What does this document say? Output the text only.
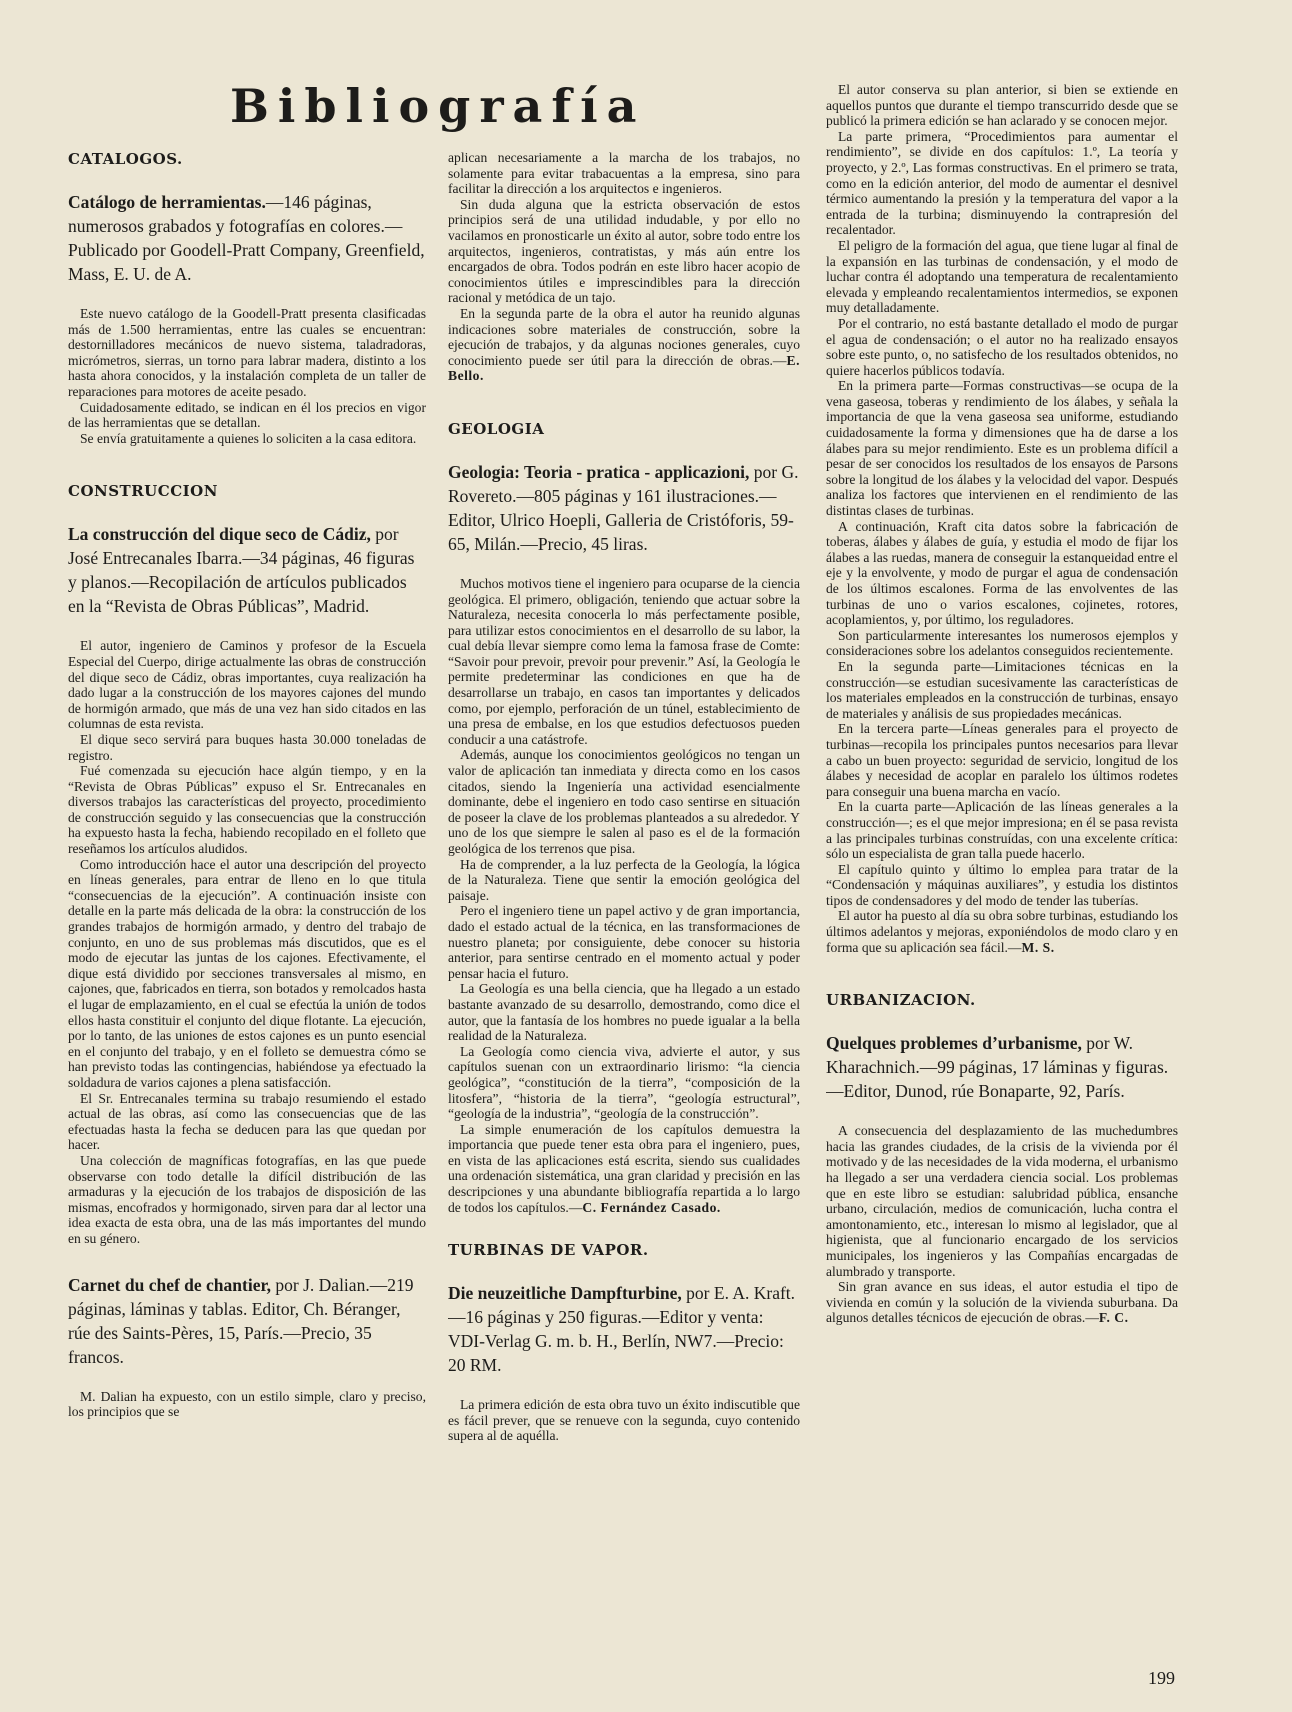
Bibliografía
CATALOGOS.
Catálogo de herramientas.—146 páginas, numerosos grabados y fotografías en colores.—Publicado por Goodell-Pratt Company, Greenfield, Mass, E. U. de A.

Este nuevo catálogo de la Goodell-Pratt presenta clasificadas más de 1.500 herramientas, entre las cuales se encuentran: destornilladores mecánicos de nuevo sistema, taladradoras, micrómetros, sierras, un torno para labrar madera, distinto a los hasta ahora conocidos, y la instalación completa de un taller de reparaciones para motores de aceite pesado.

Cuidadosamente editado, se indican en él los precios en vigor de las herramientas que se detallan.

Se envía gratuitamente a quienes lo soliciten a la casa editora.

CONSTRUCCION
La construcción del dique seco de Cádiz, por José Entrecanales Ibarra.—34 páginas, 46 figuras y planos.—Recopilación de artículos publicados en la “Revista de Obras Públicas”, Madrid.

El autor, ingeniero de Caminos y profesor de la Escuela Especial del Cuerpo, dirige actualmente las obras de construcción del dique seco de Cádiz, obras importantes, cuya realización ha dado lugar a la construcción de los mayores cajones del mundo de hormigón armado, que más de una vez han sido citados en las columnas de esta revista.

El dique seco servirá para buques hasta 30.000 toneladas de registro.

Fué comenzada su ejecución hace algún tiempo, y en la “Revista de Obras Públicas” expuso el Sr. Entrecanales en diversos trabajos las características del proyecto, procedimiento de construcción seguido y las consecuencias que la construcción ha expuesto hasta la fecha, habiendo recopilado en el folleto que reseñamos los artículos aludidos.

Como introducción hace el autor una descripción del proyecto en líneas generales, para entrar de lleno en lo que titula “consecuencias de la ejecución”. A continuación insiste con detalle en la parte más delicada de la obra: la construcción de los grandes trabajos de hormigón armado, y dentro del trabajo de conjunto, en uno de sus problemas más discutidos, que es el modo de ejecutar las juntas de los cajones. Efectivamente, el dique está dividido por secciones transversales al mismo, en cajones, que, fabricados en tierra, son botados y remolcados hasta el lugar de emplazamiento, en el cual se efectúa la unión de todos ellos hasta constituir el conjunto del dique flotante. La ejecución, por lo tanto, de las uniones de estos cajones es un punto esencial en el conjunto del trabajo, y en el folleto se demuestra cómo se han previsto todas las contingencias, habiéndose ya efectuado la soldadura de varios cajones a plena satisfacción.

El Sr. Entrecanales termina su trabajo resumiendo el estado actual de las obras, así como las consecuencias que de las efectuadas hasta la fecha se deducen para las que quedan por hacer.

Una colección de magníficas fotografías, en las que puede observarse con todo detalle la difícil distribución de las armaduras y la ejecución de los trabajos de disposición de las mismas, encofrados y hormigonado, sirven para dar al lector una idea exacta de esta obra, una de las más importantes del mundo en su género.

Carnet du chef de chantier, por J. Dalian.—219 páginas, láminas y tablas. Editor, Ch. Béranger, rúe des Saints-Pères, 15, París.—Precio, 35 francos.

M. Dalian ha expuesto, con un estilo simple, claro y preciso, los principios que se

aplican necesariamente a la marcha de los trabajos, no solamente para evitar trabacuentas a la empresa, sino para facilitar la dirección a los arquitectos e ingenieros.

Sin duda alguna que la estricta observación de estos principios será de una utilidad indudable, y por ello no vacilamos en pronosticarle un éxito al autor, sobre todo entre los arquitectos, ingenieros, contratistas, y más aún entre los encargados de obra. Todos podrán en este libro hacer acopio de conocimientos útiles e imprescindibles para la dirección racional y metódica de un tajo.

En la segunda parte de la obra el autor ha reunido algunas indicaciones sobre materiales de construcción, sobre la ejecución de trabajos, y da algunas nociones generales, cuyo conocimiento puede ser útil para la dirección de obras.—E. Bello.

GEOLOGIA
Geologia: Teoria - pratica - applicazioni, por G. Rovereto.—805 páginas y 161 ilustraciones.—Editor, Ulrico Hoepli, Galleria de Cristóforis, 59-65, Milán.—Precio, 45 liras.

Muchos motivos tiene el ingeniero para ocuparse de la ciencia geológica. El primero, obligación, teniendo que actuar sobre la Naturaleza, necesita conocerla lo más perfectamente posible, para utilizar estos conocimientos en el desarrollo de su labor, la cual debía llevar siempre como lema la famosa frase de Comte: “Savoir pour prevoir, prevoir pour prevenir.” Así, la Geología le permite predeterminar las condiciones en que ha de desarrollarse un trabajo, en casos tan importantes y delicados como, por ejemplo, perforación de un túnel, establecimiento de una presa de embalse, en los que estudios defectuosos pueden conducir a una catástrofe.

Además, aunque los conocimientos geológicos no tengan un valor de aplicación tan inmediata y directa como en los casos citados, siendo la Ingeniería una actividad esencialmente dominante, debe el ingeniero en todo caso sentirse en situación de poseer la clave de los problemas planteados a su alrededor. Y uno de los que siempre le salen al paso es el de la formación geológica de los terrenos que pisa.

Ha de comprender, a la luz perfecta de la Geología, la lógica de la Naturaleza. Tiene que sentir la emoción geológica del paisaje.

Pero el ingeniero tiene un papel activo y de gran importancia, dado el estado actual de la técnica, en las transformaciones de nuestro planeta; por consiguiente, debe conocer su historia anterior, para sentirse centrado en el momento actual y poder pensar hacia el futuro.

La Geología es una bella ciencia, que ha llegado a un estado bastante avanzado de su desarrollo, demostrando, como dice el autor, que la fantasía de los hombres no puede igualar a la bella realidad de la Naturaleza.

La Geología como ciencia viva, advierte el autor, y sus capítulos suenan con un extraordinario lirismo: “la ciencia geológica”, “constitución de la tierra”, “composición de la litosfera”, “historia de la tierra”, “geología estructural”, “geología de la industria”, “geología de la construcción”.

La simple enumeración de los capítulos demuestra la importancia que puede tener esta obra para el ingeniero, pues, en vista de las aplicaciones está escrita, siendo sus cualidades una ordenación sistemática, una gran claridad y precisión en las descripciones y una abundante bibliografía repartida a lo largo de todos los capítulos.—C. Fernández Casado.

TURBINAS DE VAPOR.
Die neuzeitliche Dampfturbine, por E. A. Kraft.—16 páginas y 250 figuras.—Editor y venta: VDI-Verlag G. m. b. H., Berlín, NW7.—Precio: 20 RM.

La primera edición de esta obra tuvo un éxito indiscutible que es fácil prever, que se renueve con la segunda, cuyo contenido supera al de aquélla.

El autor conserva su plan anterior, si bien se extiende en aquellos puntos que durante el tiempo transcurrido desde que se publicó la primera edición se han aclarado y se conocen mejor.

La parte primera, “Procedimientos para aumentar el rendimiento”, se divide en dos capítulos: 1.º, La teoría y proyecto, y 2.º, Las formas constructivas. En el primero se trata, como en la edición anterior, del modo de aumentar el desnivel térmico aumentando la presión y la temperatura del vapor a la entrada de la turbina; disminuyendo la contrapresión del recalentador.

El peligro de la formación del agua, que tiene lugar al final de la expansión en las turbinas de condensación, y el modo de luchar contra él adoptando una temperatura de recalentamiento elevada y empleando recalentamientos intermedios, se exponen muy detalladamente.

Por el contrario, no está bastante detallado el modo de purgar el agua de condensación; o el autor no ha realizado ensayos sobre este punto, o, no satisfecho de los resultados obtenidos, no quiere hacerlos públicos todavía.

En la primera parte—Formas constructivas—se ocupa de la vena gaseosa, toberas y rendimiento de los álabes, y señala la importancia de que la vena gaseosa sea uniforme, estudiando cuidadosamente la forma y dimensiones que ha de darse a los álabes para su mejor rendimiento. Este es un problema difícil a pesar de ser conocidos los resultados de los ensayos de Parsons sobre la longitud de los álabes y la velocidad del vapor. Después analiza los factores que intervienen en el rendimiento de las distintas clases de turbinas.

A continuación, Kraft cita datos sobre la fabricación de toberas, álabes y álabes de guía, y estudia el modo de fijar los álabes a las ruedas, manera de conseguir la estanqueidad entre el eje y la envolvente, y modo de purgar el agua de condensación de los últimos escalones. Forma de las envolventes de las turbinas de uno o varios escalones, cojinetes, rotores, acoplamientos, y, por último, los reguladores.

Son particularmente interesantes los numerosos ejemplos y consideraciones sobre los adelantos conseguidos recientemente.

En la segunda parte—Limitaciones técnicas en la construcción—se estudian sucesivamente las características de los materiales empleados en la construcción de turbinas, ensayo de materiales y análisis de sus propiedades mecánicas.

En la tercera parte—Líneas generales para el proyecto de turbinas—recopila los principales puntos necesarios para llevar a cabo un buen proyecto: seguridad de servicio, longitud de los álabes y necesidad de acoplar en paralelo los últimos rodetes para conseguir una buena marcha en vacío.

En la cuarta parte—Aplicación de las líneas generales a la construcción—; es el que mejor impresiona; en él se pasa revista a las principales turbinas construídas, con una excelente crítica: sólo un especialista de gran talla puede hacerlo.

El capítulo quinto y último lo emplea para tratar de la “Condensación y máquinas auxiliares”, y estudia los distintos tipos de condensadores y del modo de tender las tuberías.

El autor ha puesto al día su obra sobre turbinas, estudiando los últimos adelantos y mejoras, exponiéndolos de modo claro y en forma que su aplicación sea fácil.—M. S.

URBANIZACION.
Quelques problemes d’urbanisme, por W. Kharachnich.—99 páginas, 17 láminas y figuras.—Editor, Dunod, rúe Bonaparte, 92, París.

A consecuencia del desplazamiento de las muchedumbres hacia las grandes ciudades, de la crisis de la vivienda por él motivado y de las necesidades de la vida moderna, el urbanismo ha llegado a ser una verdadera ciencia social. Los problemas que en este libro se estudian: salubridad pública, ensanche urbano, circulación, medios de comunicación, lucha contra el amontonamiento, etc., interesan lo mismo al legislador, que al higienista, que al funcionario encargado de los servicios municipales, los ingenieros y las Compañías encargadas de alumbrado y transporte.

Sin gran avance en sus ideas, el autor estudia el tipo de vivienda en común y la solución de la vivienda suburbana. Da algunos detalles técnicos de ejecución de obras.—F. C.

199
